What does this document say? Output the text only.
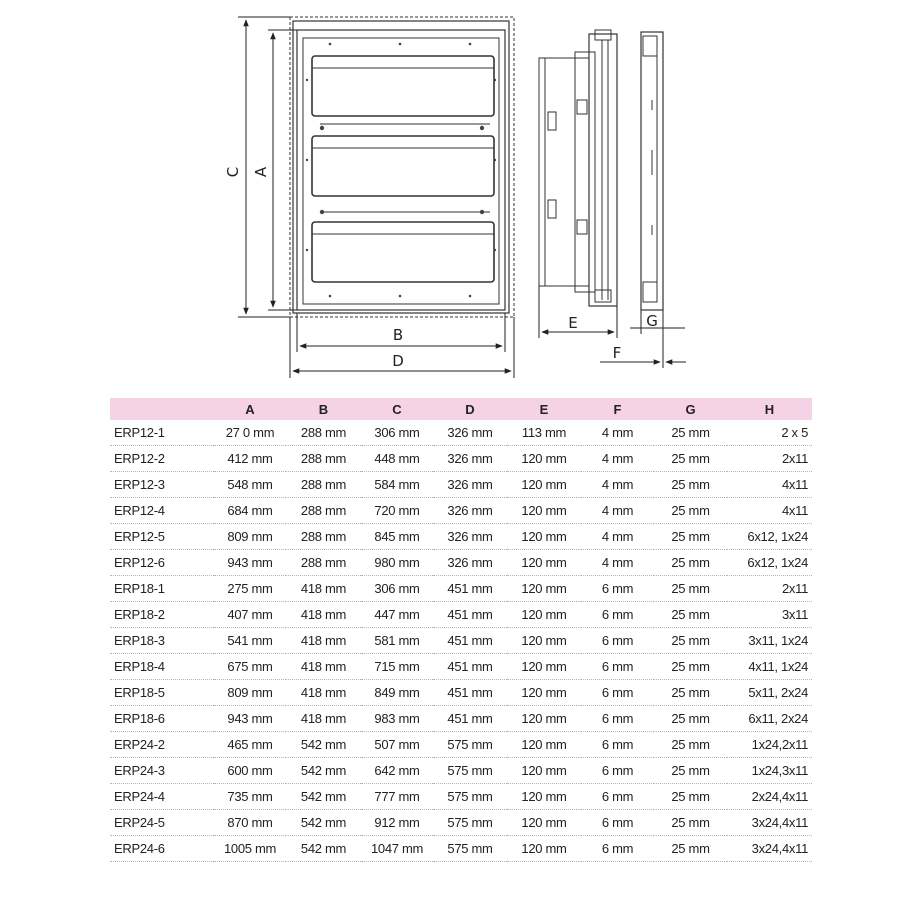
C A
B
D
E	G
F
	A	B	C	D	E	F	G	H
ERP12-1	27 0 mm	288 mm	306 mm	326 mm	113 mm	4 mm	25 mm	2 x 5
ERP12-2	412 mm	288 mm	448 mm	326 mm	120 mm	4 mm	25 mm	2x11
ERP12-3	548 mm	288 mm	584 mm	326 mm	120 mm	4 mm	25 mm	4x11
ERP12-4	684 mm	288 mm	720 mm	326 mm	120 mm	4 mm	25 mm	4x11
ERP12-5	809 mm	288 mm	845 mm	326 mm	120 mm	4 mm	25 mm	6x12, 1x24
ERP12-6	943 mm	288 mm	980 mm	326 mm	120 mm	4 mm	25 mm	6x12, 1x24
ERP18-1	275 mm	418 mm	306 mm	451 mm	120 mm	6 mm	25 mm	2x11
ERP18-2	407 mm	418 mm	447 mm	451 mm	120 mm	6 mm	25 mm	3x11
ERP18-3	541 mm	418 mm	581 mm	451 mm	120 mm	6 mm	25 mm	3x11, 1x24
ERP18-4	675 mm	418 mm	715 mm	451 mm	120 mm	6 mm	25 mm	4x11, 1x24
ERP18-5	809 mm	418 mm	849 mm	451 mm	120 mm	6 mm	25 mm	5x11, 2x24
ERP18-6	943 mm	418 mm	983 mm	451 mm	120 mm	6 mm	25 mm	6x11, 2x24
ERP24-2	465 mm	542 mm	507 mm	575 mm	120 mm	6 mm	25 mm	1x24,2x11
ERP24-3	600 mm	542 mm	642 mm	575 mm	120 mm	6 mm	25 mm	1x24,3x11
ERP24-4	735 mm	542 mm	777 mm	575 mm	120 mm	6 mm	25 mm	2x24,4x11
ERP24-5	870 mm	542 mm	912 mm	575 mm	120 mm	6 mm	25 mm	3x24,4x11
ERP24-6	1005 mm	542 mm	1047 mm	575 mm	120 mm	6 mm	25 mm	3x24,4x11
